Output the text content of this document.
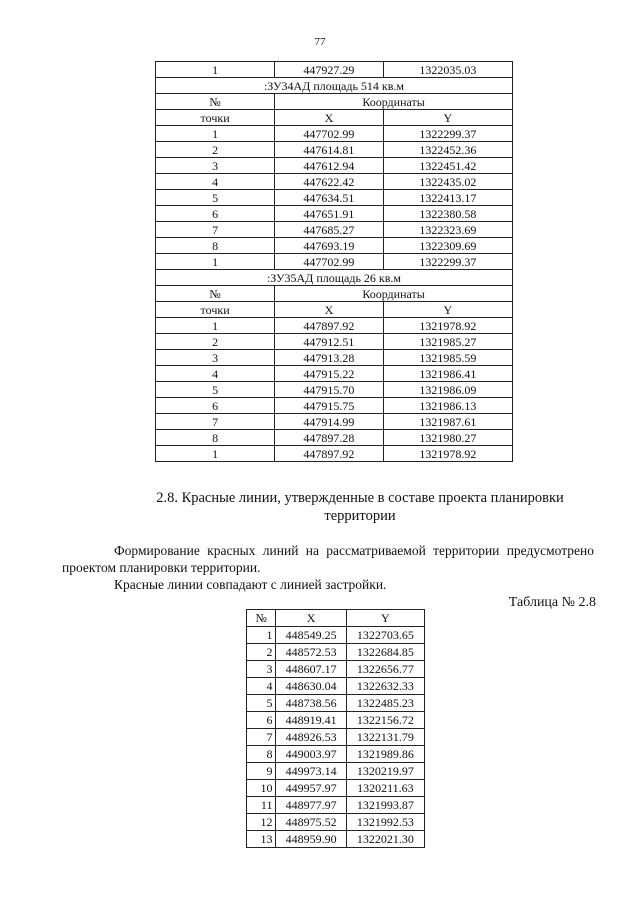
77
1	447927.29	1322035.03
:ЗУ34АД площадь 514 кв.м		
№	Координаты	
точки	X	Y
1	447702.99	1322299.37
2	447614.81	1322452.36
3	447612.94	1322451.42
4	447622.42	1322435.02
5	447634.51	1322413.17
6	447651.91	1322380.58
7	447685.27	1322323.69
8	447693.19	1322309.69
1	447702.99	1322299.37
:ЗУ35АД площадь 26 кв.м		
№	Координаты	
точки	X	Y
1	447897.92	1321978.92
2	447912.51	1321985.27
3	447913.28	1321985.59
4	447915.22	1321986.41
5	447915.70	1321986.09
6	447915.75	1321986.13
7	447914.99	1321987.61
8	447897.28	1321980.27
1	447897.92	1321978.92
2.8. Красные линии, утвержденные в составе проекта планировки
территории
Формирование красных линий на рассматриваемой территории предусмотрено проектом планировки территории.
Красные линии совпадают с линией застройки.
Таблица № 2.8
№	X	Y
1	448549.25	1322703.65
2	448572.53	1322684.85
3	448607.17	1322656.77
4	448630.04	1322632.33
5	448738.56	1322485.23
6	448919.41	1322156.72
7	448926.53	1322131.79
8	449003.97	1321989.86
9	449973.14	1320219.97
10	449957.97	1320211.63
11	448977.97	1321993.87
12	448975.52	1321992.53
13	448959.90	1322021.30
